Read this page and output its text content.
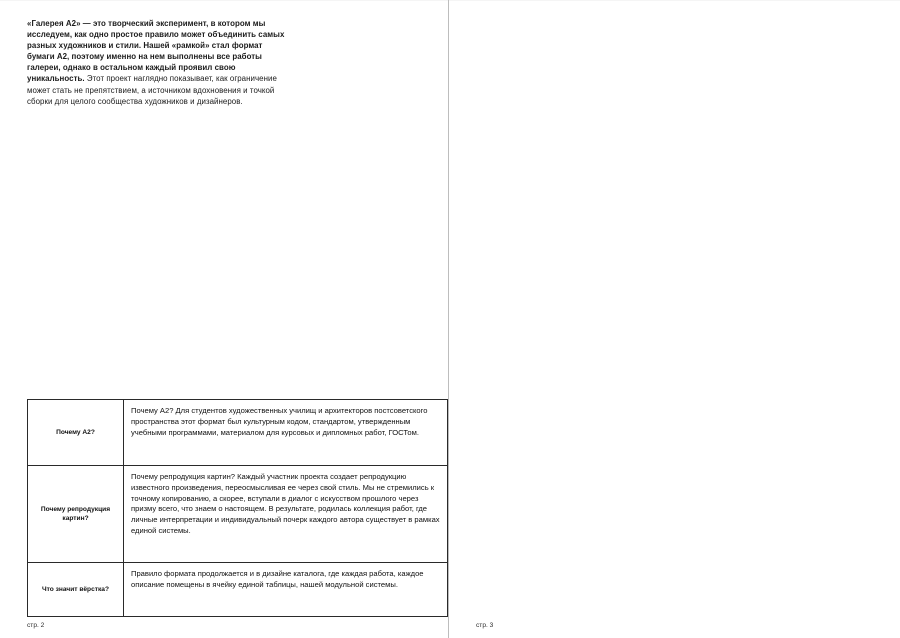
«Галерея А2» — это творческий эксперимент, в котором мы исследуем, как одно простое правило может объединить самых разных художников и стили. Нашей «рамкой» стал формат бумаги А2, поэтому именно на нем выполнены все работы галереи, однако в остальном каждый проявил свою уникальность. Этот проект наглядно показывает, как ограничение может стать не препятствием, а источником вдохновения и точкой сборки для целого сообщества художников и дизайнеров.
Почему А2?	Почему А2? Для студентов художественных училищ и архитекторов постсоветского пространства этот формат был культурным кодом, стандартом, утвержденным учебными программами, материалом для курсовых и дипломных работ, ГОСТом.
Почему репродукция картин?	Почему репродукция картин? Каждый участник проекта создает репродукцию известного произведения, переосмысливая ее через свой стиль. Мы не стремились к точному копированию, а скорее, вступали в диалог с искусством прошлого через призму всего, что знаем о настоящем. В результате, родилась коллекция работ, где личные интерпретации и индивидуальный почерк каждого автора существует в рамках единой системы.
Что значит вёрстка?	Правило формата продолжается и в дизайне каталога, где каждая работа, каждое описание помещены в ячейку единой таблицы, нашей модульной системы.
стр. 2	стр. 3
